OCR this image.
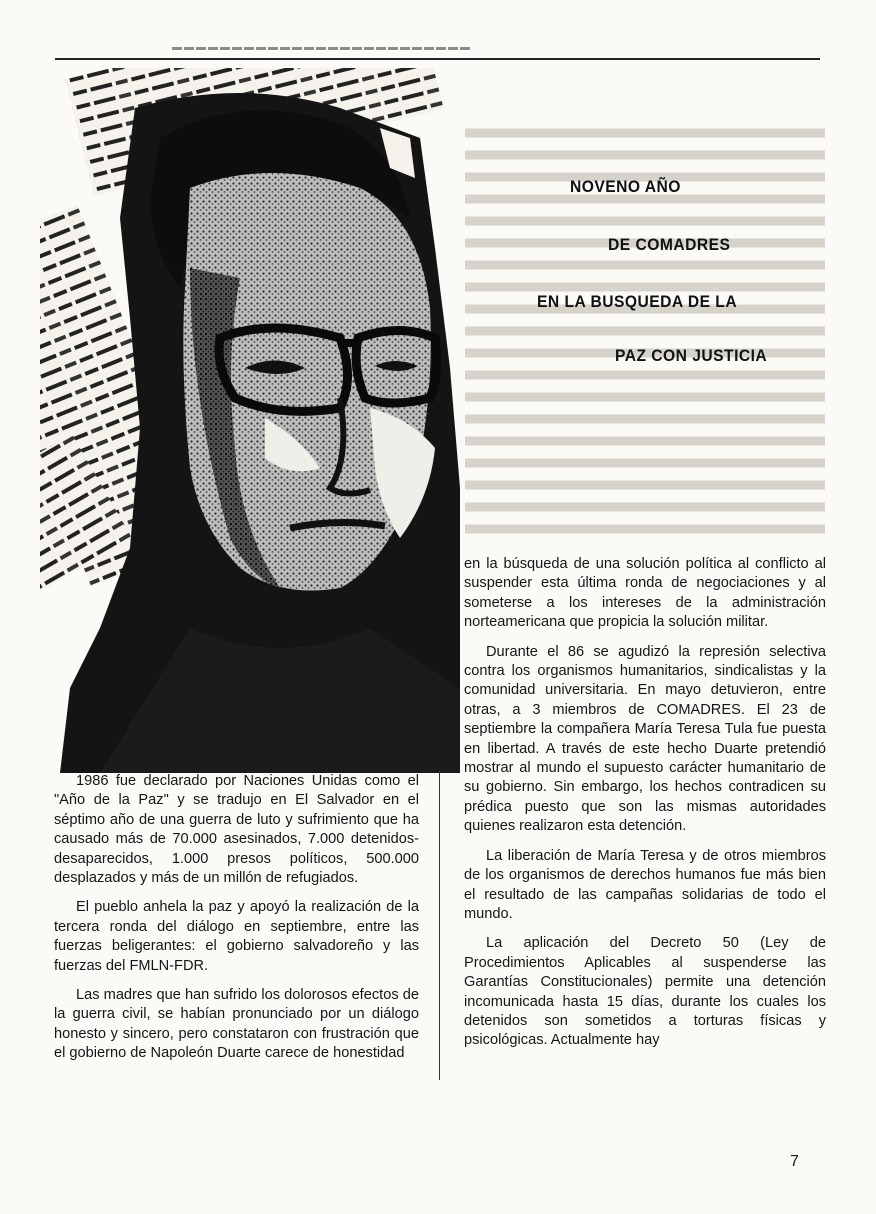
▬▬▬▬▬▬▬▬▬▬▬▬▬▬▬▬▬▬▬▬▬▬▬▬▬
NOVENO AÑO
DE COMADRES
EN LA BUSQUEDA DE LA
PAZ CON JUSTICIA

1986 fue declarado por Naciones Unidas como el "Año de la Paz" y se tradujo en El Salvador en el séptimo año de una guerra de luto y sufrimiento que ha causado más de 70.000 asesinados, 7.000 detenidos-desaparecidos, 1.000 presos políticos, 500.000 desplazados y más de un millón de refugiados.

El pueblo anhela la paz y apoyó la realización de la tercera ronda del diálogo en septiembre, entre las fuerzas beligerantes: el gobierno salvadoreño y las fuerzas del FMLN-FDR.

Las madres que han sufrido los dolorosos efectos de la guerra civil, se habían pronunciado por un diálogo honesto y sincero, pero constataron con frustración que el gobierno de Napoleón Duarte carece de honestidad

en la búsqueda de una solución política al conflicto al suspender esta última ronda de negociaciones y al someterse a los intereses de la administración norteamericana que propicia la solución militar.

Durante el 86 se agudizó la represión selectiva contra los organismos humanitarios, sindicalistas y la comunidad universitaria. En mayo detuvieron, entre otras, a 3 miembros de COMADRES. El 23 de septiembre la compañera María Teresa Tula fue puesta en libertad. A través de este hecho Duarte pretendió mostrar al mundo el supuesto carácter humanitario de su gobierno. Sin embargo, los hechos contradicen su prédica puesto que son las mismas autoridades quienes realizaron esta detención.

La liberación de María Teresa y de otros miembros de los organismos de derechos humanos fue más bien el resultado de las campañas solidarias de todo el mundo.

La aplicación del Decreto 50 (Ley de Procedimientos Aplicables al suspenderse las Garantías Constitucionales) permite una detención incomunicada hasta 15 días, durante los cuales los detenidos son sometidos a torturas físicas y psicológicas. Actualmente hay

7
